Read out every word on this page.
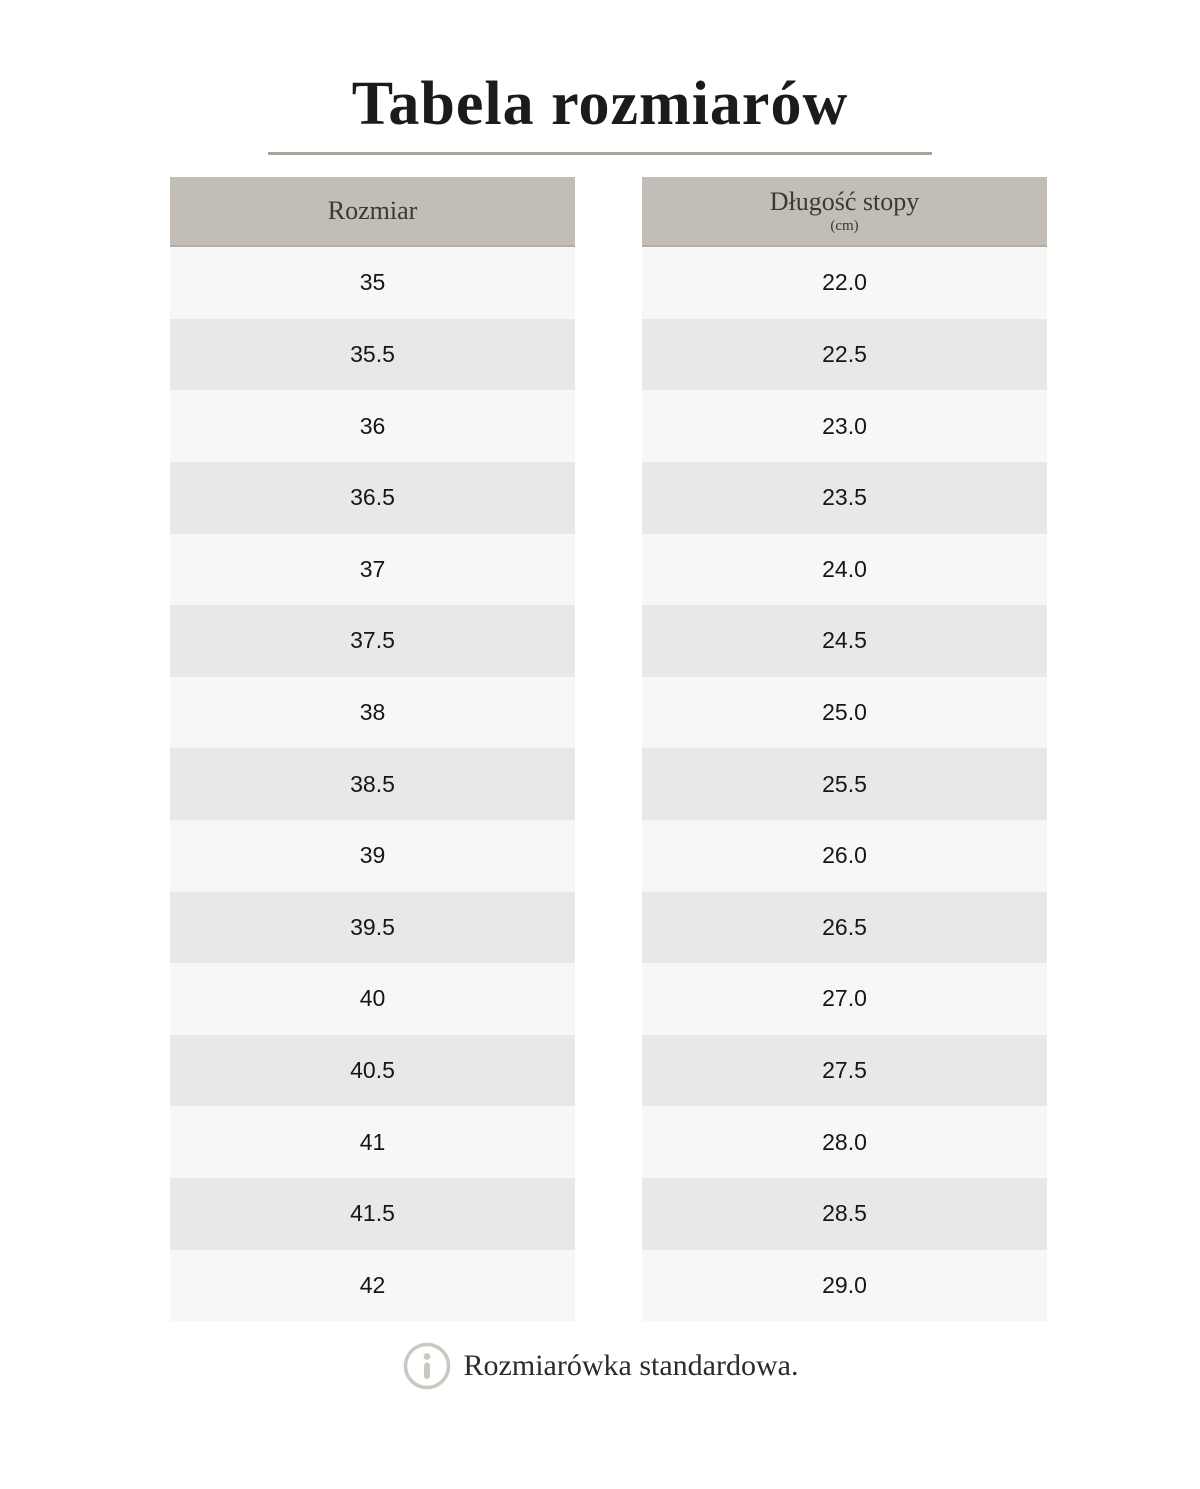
Tabela rozmiarów
Rozmiar
35
35.5
36
36.5
37
37.5
38
38.5
39
39.5
40
40.5
41
41.5
42
Długość stopy
(cm)
22.0
22.5
23.0
23.5
24.0
24.5
25.0
25.5
26.0
26.5
27.0
27.5
28.0
28.5
29.0
Rozmiarówka standardowa.
